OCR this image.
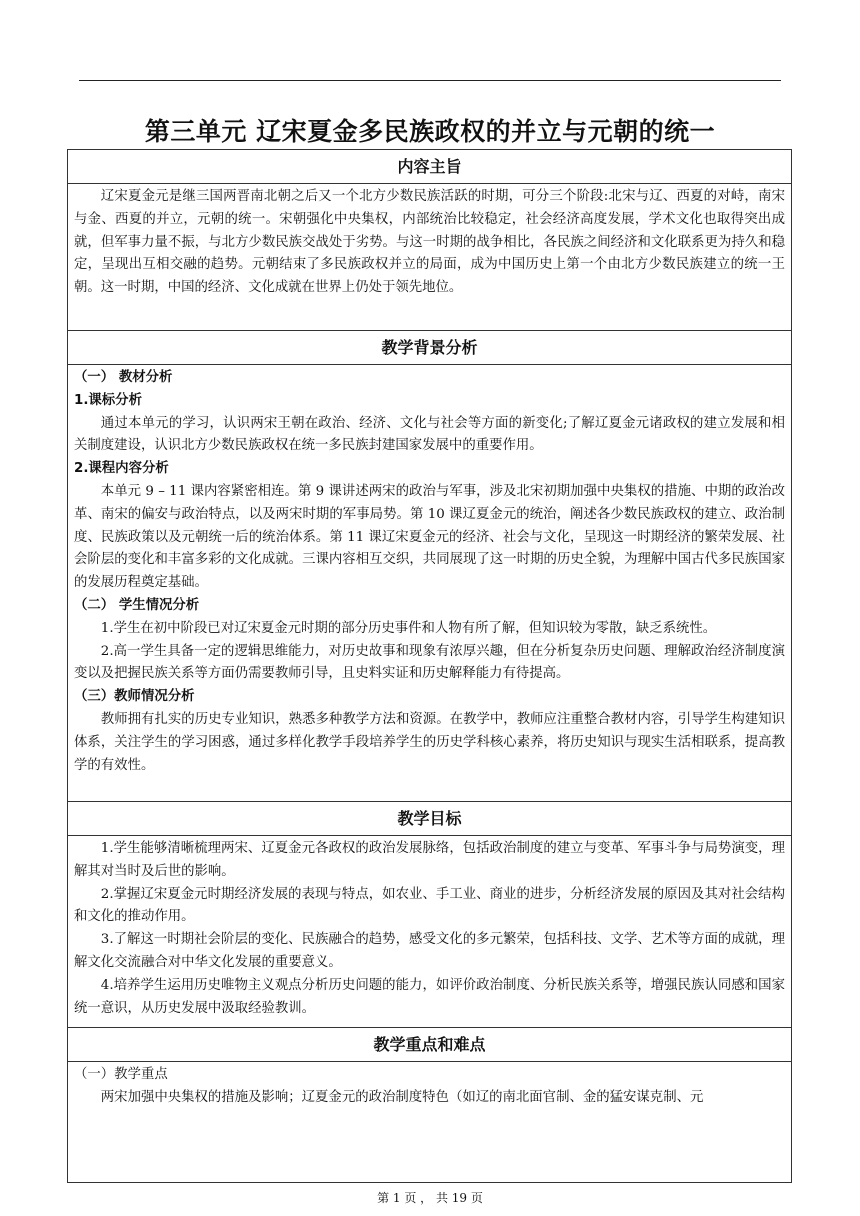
第三单元 辽宋夏金多民族政权的并立与元朝的统一
内容主旨

辽宋夏金元是继三国两晋南北朝之后又一个北方少数民族活跃的时期，可分三个阶段:北宋与辽、西夏的对峙，南宋与金、西夏的并立，元朝的统一。宋朝强化中央集权，内部统治比较稳定，社会经济高度发展，学术文化也取得突出成就，但军事力量不振，与北方少数民族交战处于劣势。与这一时期的战争相比，各民族之间经济和文化联系更为持久和稳定，呈现出互相交融的趋势。元朝结束了多民族政权并立的局面，成为中国历史上第一个由北方少数民族建立的统一王朝。这一时期，中国的经济、文化成就在世界上仍处于领先地位。

教学背景分析

（一） 教材分析

1.课标分析

通过本单元的学习，认识两宋王朝在政治、经济、文化与社会等方面的新变化;了解辽夏金元诸政权的建立发展和相关制度建设，认识北方少数民族政权在统一多民族封建国家发展中的重要作用。

2.课程内容分析

本单元 9 – 11 课内容紧密相连。第 9 课讲述两宋的政治与军事，涉及北宋初期加强中央集权的措施、中期的政治改革、南宋的偏安与政治特点，以及两宋时期的军事局势。第 10 课辽夏金元的统治，阐述各少数民族政权的建立、政治制度、民族政策以及元朝统一后的统治体系。第 11 课辽宋夏金元的经济、社会与文化，呈现这一时期经济的繁荣发展、社会阶层的变化和丰富多彩的文化成就。三课内容相互交织，共同展现了这一时期的历史全貌，为理解中国古代多民族国家的发展历程奠定基础。

（二） 学生情况分析

1.学生在初中阶段已对辽宋夏金元时期的部分历史事件和人物有所了解，但知识较为零散，缺乏系统性。

2.高一学生具备一定的逻辑思维能力，对历史故事和现象有浓厚兴趣，但在分析复杂历史问题、理解政治经济制度演变以及把握民族关系等方面仍需要教师引导，且史料实证和历史解释能力有待提高。

（三）教师情况分析

教师拥有扎实的历史专业知识，熟悉多种教学方法和资源。在教学中，教师应注重整合教材内容，引导学生构建知识体系，关注学生的学习困惑，通过多样化教学手段培养学生的历史学科核心素养，将历史知识与现实生活相联系，提高教学的有效性。

教学目标

1.学生能够清晰梳理两宋、辽夏金元各政权的政治发展脉络，包括政治制度的建立与变革、军事斗争与局势演变，理解其对当时及后世的影响。

2.掌握辽宋夏金元时期经济发展的表现与特点，如农业、手工业、商业的进步，分析经济发展的原因及其对社会结构和文化的推动作用。

3.了解这一时期社会阶层的变化、民族融合的趋势，感受文化的多元繁荣，包括科技、文学、艺术等方面的成就，理解文化交流融合对中华文化发展的重要意义。

4.培养学生运用历史唯物主义观点分析历史问题的能力，如评价政治制度、分析民族关系等，增强民族认同感和国家统一意识，从历史发展中汲取经验教训。

教学重点和难点

（一）教学重点

两宋加强中央集权的措施及影响；辽夏金元的政治制度特色（如辽的南北面官制、金的猛安谋克制、元

第 1 页 ， 共 19 页
